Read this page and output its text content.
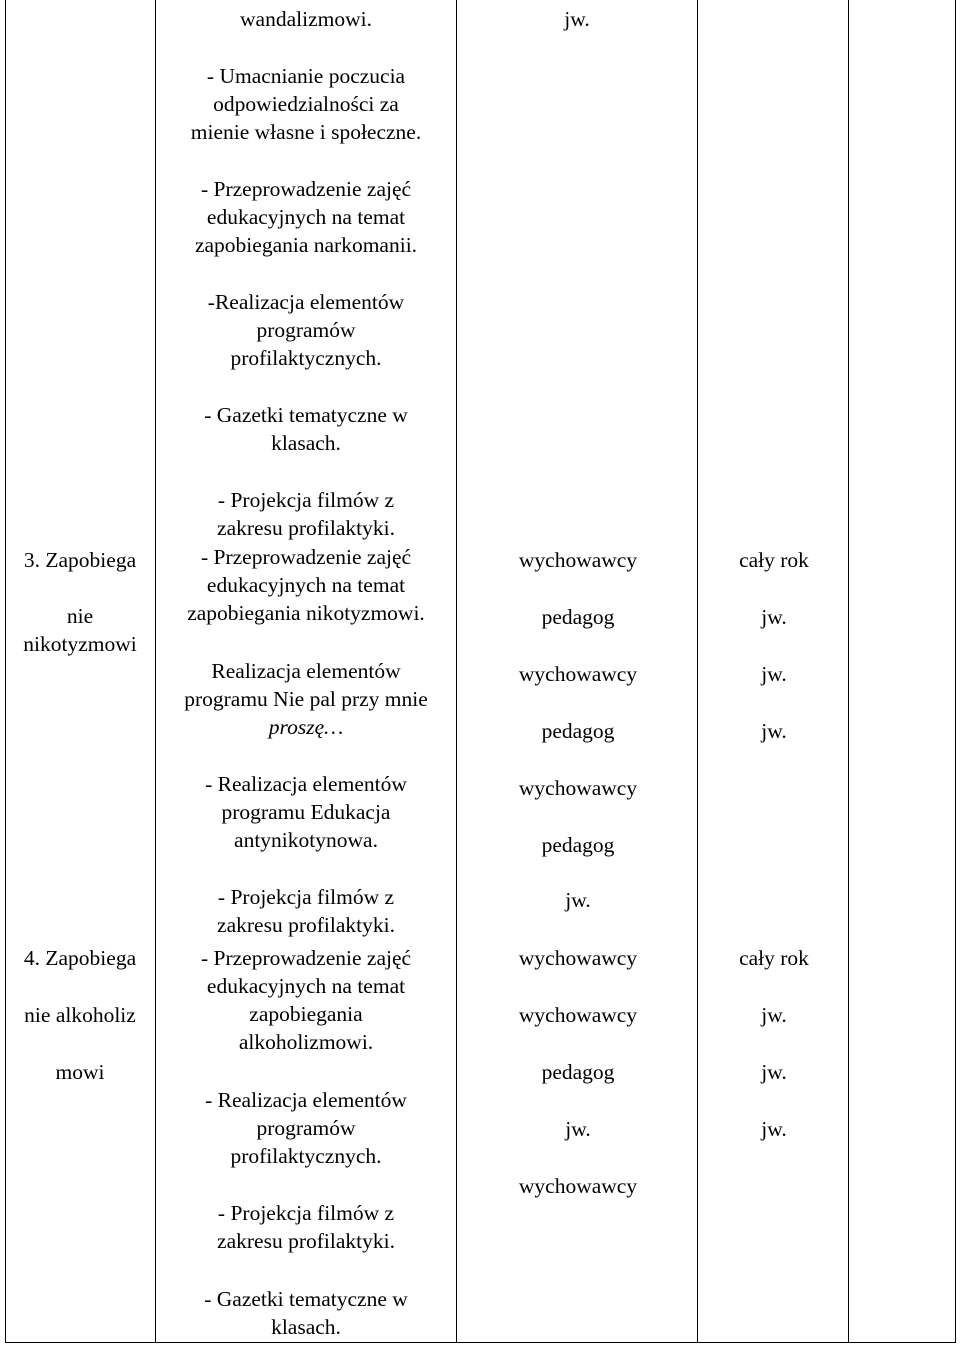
wandalizmowi.
- Umacnianie poczucia
odpowiedzialności za
mienie własne i społeczne.
- Przeprowadzenie zajęć
edukacyjnych na temat
zapobiegania narkomanii.
-Realizacja elementów
programów
profilaktycznych.
- Gazetki tematyczne w
klasach.
- Projekcja filmów z
zakresu profilaktyki.
jw.
3. Zapobiega
nie
nikotyzmowi
- Przeprowadzenie zajęć
edukacyjnych na temat
zapobiegania nikotyzmowi.
Realizacja elementów
programu Nie pal przy mnie
proszę…
- Realizacja elementów
programu Edukacja
antynikotynowa.
- Projekcja filmów z
zakresu profilaktyki.
wychowawcy
pedagog
wychowawcy
pedagog
wychowawcy
pedagog
jw.
cały rok
jw.
jw.
jw.
4. Zapobiega
nie alkoholiz
mowi
- Przeprowadzenie zajęć
edukacyjnych na temat
zapobiegania
alkoholizmowi.
- Realizacja elementów
programów
profilaktycznych.
- Projekcja filmów z
zakresu profilaktyki.
- Gazetki tematyczne w
klasach.
wychowawcy
wychowawcy
pedagog
jw.
wychowawcy
cały rok
jw.
jw.
jw.
